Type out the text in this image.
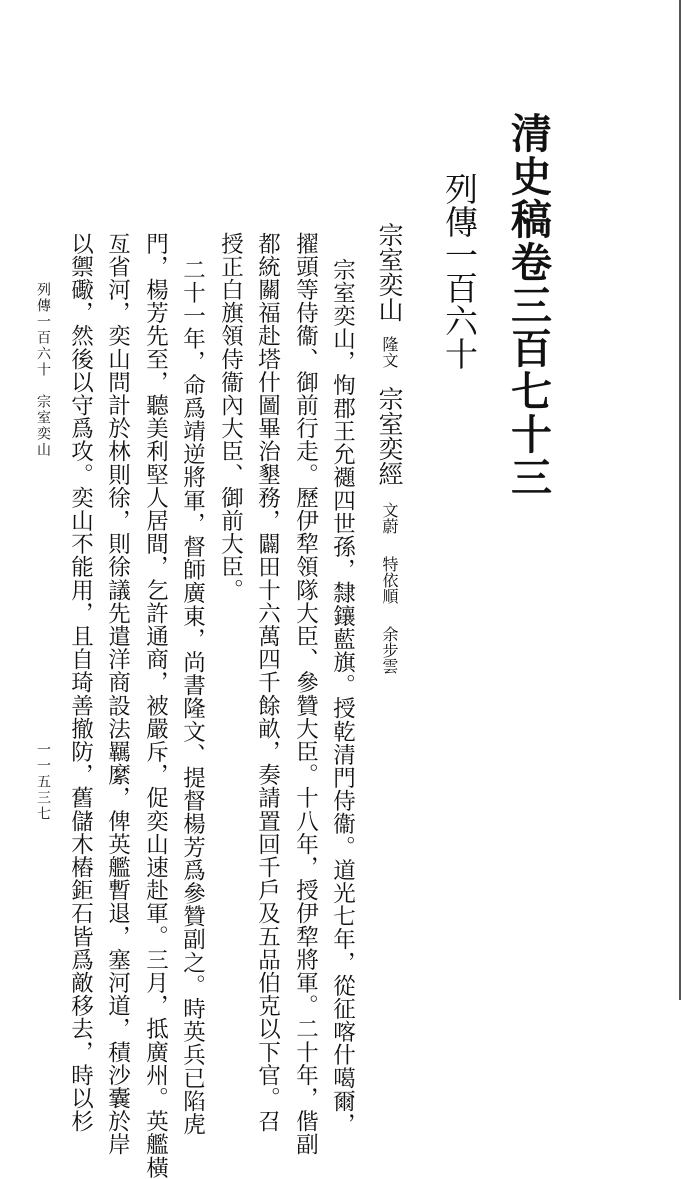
清史稿卷三百七十三
列傳一百六十
宗室奕山隆文宗室奕經文蔚特依順余步雲
宗室奕山，恂郡王允禵四世孫，隸鑲藍旗。授乾清門侍衞。道光七年，從征喀什噶爾，
擢頭等侍衞、御前行走。歷伊犂領隊大臣、參贊大臣。十八年，授伊犂將軍。二十年，偕副
都統關福赴塔什圖畢治墾務，闢田十六萬四千餘畝，奏請置回千戶及五品伯克以下官。召
授正白旗領侍衞內大臣、御前大臣。
二十一年，命爲靖逆將軍，督師廣東，尚書隆文、提督楊芳爲參贊副之。時英兵已陷虎
門，楊芳先至，聽美利堅人居間，乞許通商，被嚴斥，促奕山速赴軍。三月，抵廣州。英艦橫
亙省河，奕山問計於林則徐，則徐議先遣洋商設法羈縻，俾英艦暫退，塞河道，積沙囊於岸
以禦礮，然後以守爲攻。奕山不能用，且自琦善撤防，舊儲木樁鉅石皆爲敵移去，時以杉
列傳一百六十　宗室奕山
一一五三七
